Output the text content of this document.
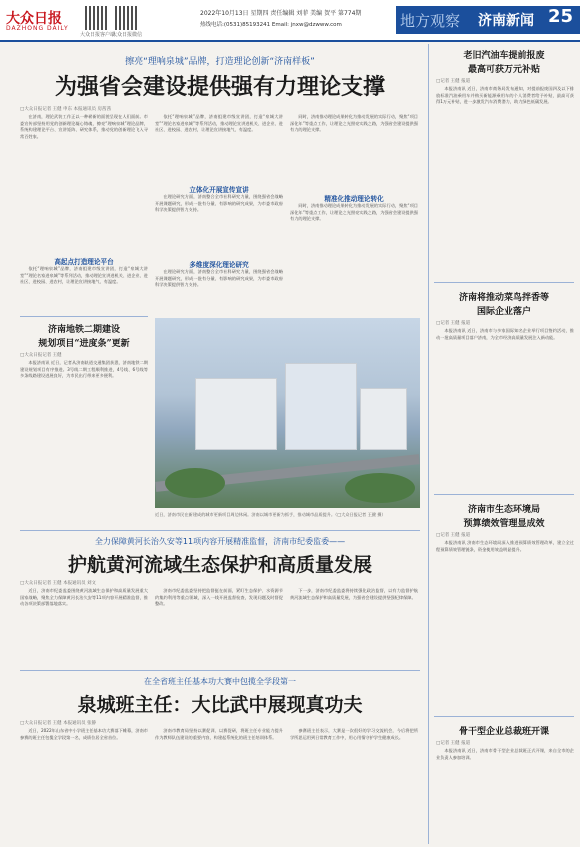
大众日报
DAZHONG DAILY
大众日报客户端
大众日报微信
2022年10月13日 星期四 责任编辑 刘菲 美编 贺平 第774期
热线电话:(0531)85193241 Email: jnxw@dzwww.com	地方观察 济南新闻 25
擦亮“理响泉城”品牌，打造理论创新“济南样板”
为强省会建设提供强有力理论支撑
□大众日报记者 王健 申东 本报通讯员 房茜茜

在济南，理论武装工作正以一种崭新的面貌呈现在人们面前。市委宣传部坚持用党的创新理论凝心铸魂，擦亮“理响泉城”理论品牌，系统构建理论平台、宣讲矩阵、研究体系，推动党的创新理论飞入寻常百姓家。

高起点打造理论平台

依托“理响泉城”品牌，济南组建市级宣讲团，打造“泉城大讲堂”“理论名家进泉城”等系列活动，推动理论宣讲进机关、进企业、进社区、进校园、进农村，让理论宣讲接地气、有温度。

依托“理响泉城”品牌，济南组建市级宣讲团，打造“泉城大讲堂”“理论名家进泉城”等系列活动，推动理论宣讲进机关、进企业、进社区、进校园、进农村，让理论宣讲接地气、有温度。

立体化开展宣传宣讲

在理论研究方面，济南整合全市社科研究力量，围绕强省会战略开展课题研究，形成一批有分量、有影响的研究成果，为市委市政府科学决策提供智力支持。

多维度深化理论研究

在理论研究方面，济南整合全市社科研究力量，围绕强省会战略开展课题研究，形成一批有分量、有影响的研究成果，为市委市政府科学决策提供智力支持。

同时，济南推动理论成果转化为推动发展的实际行动，聚焦“项目深化年”等重点工作，让理论之光照亮实践之路，为强省会建设提供强有力的理论支撑。

精准化推动理论转化

同时，济南推动理论成果转化为推动发展的实际行动，聚焦“项目深化年”等重点工作，让理论之光照亮实践之路，为强省会建设提供强有力的理论支撑。

济南地铁二期建设
规划项目“进度条”更新
□大众日报记者 王健

本报济南讯 近日，记者从济南轨道交通集团获悉，济南地铁二期建设规划项目有序推进。3号线二期工程顺利推进，4号线、6号线等多条线路建设进展良好，为市民出行带来更多便利。

近日，济南市民在新建成的城市更新项目周边休闲。济南以城市更新为抓手，推动城市品质提升。（□大众日报记者 王健 摄）
全力保障黄河长治久安等11项内容开展精准监督，济南市纪委监委——
护航黄河流域生态保护和高质量发展
□大众日报记者 王健 本报通讯员 刘文

近日，济南市纪委监委围绕黄河流域生态保护和高质量发展重大国家战略，聚焦全力保障黄河长治久安等11项内容开展精准监督，推动各项决策部署落地落实。

济南市纪委监委坚持把监督挺在前面，紧盯生态保护、水资源节约集约利用等重点领域，深入一线开展监督检查，发现问题及时督促整改。

下一步，济南市纪委监委将持续强化政治监督，以有力监督护航黄河流域生态保护和高质量发展，为强省会建设提供坚强纪律保障。

在全省班主任基本功大赛中包揽全学段第一
泉城班主任：大比武中展现真功夫
□大众日报记者 王健 本报通讯员 张静

近日，2022年山东省中小学班主任基本功大赛落下帷幕，济南市参赛的班主任包揽全学段第一名，成绩位居全省首位。

济南市教育局坚持以赛促训、以赛促研，将班主任专业能力提升作为教师队伍建设的重要内容，构建起系统化的班主任培训体系。

参赛班主任表示，大赛是一次很好的学习交流机会，今后将把所学所思运用到日常教育工作中，用心用情守护学生健康成长。

老旧汽油车提前报废
最高可获万元补贴
□记者 王健 报道

本报济南讯 近日，济南市商务局发布通知，对提前报废国四及以下排放标准汽油乘用车并购买新能源乘用车的个人消费者给予补贴，最高可获得1万元补贴，进一步激发汽车消费潜力，助力绿色低碳发展。

济南将推动菜鸟拌香等
国际企业落户
□记者 王健 报道

本报济南讯 近日，济南市与多家国际知名企业举行项目签约活动，推动一批高质量项目落户济南，为全市经济高质量发展注入新动能。

济南市生态环境局
预算绩效管理显成效
□记者 王健 报道

本报济南讯 济南市生态环境局深入推进预算绩效管理改革，建立全过程预算绩效管理链条，资金使用效益明显提升。

骨干型企业总裁班开课
□记者 王健 报道

本报济南讯 近日，济南市骨干型企业总裁班正式开课，来自全市的企业负责人参加培训。
